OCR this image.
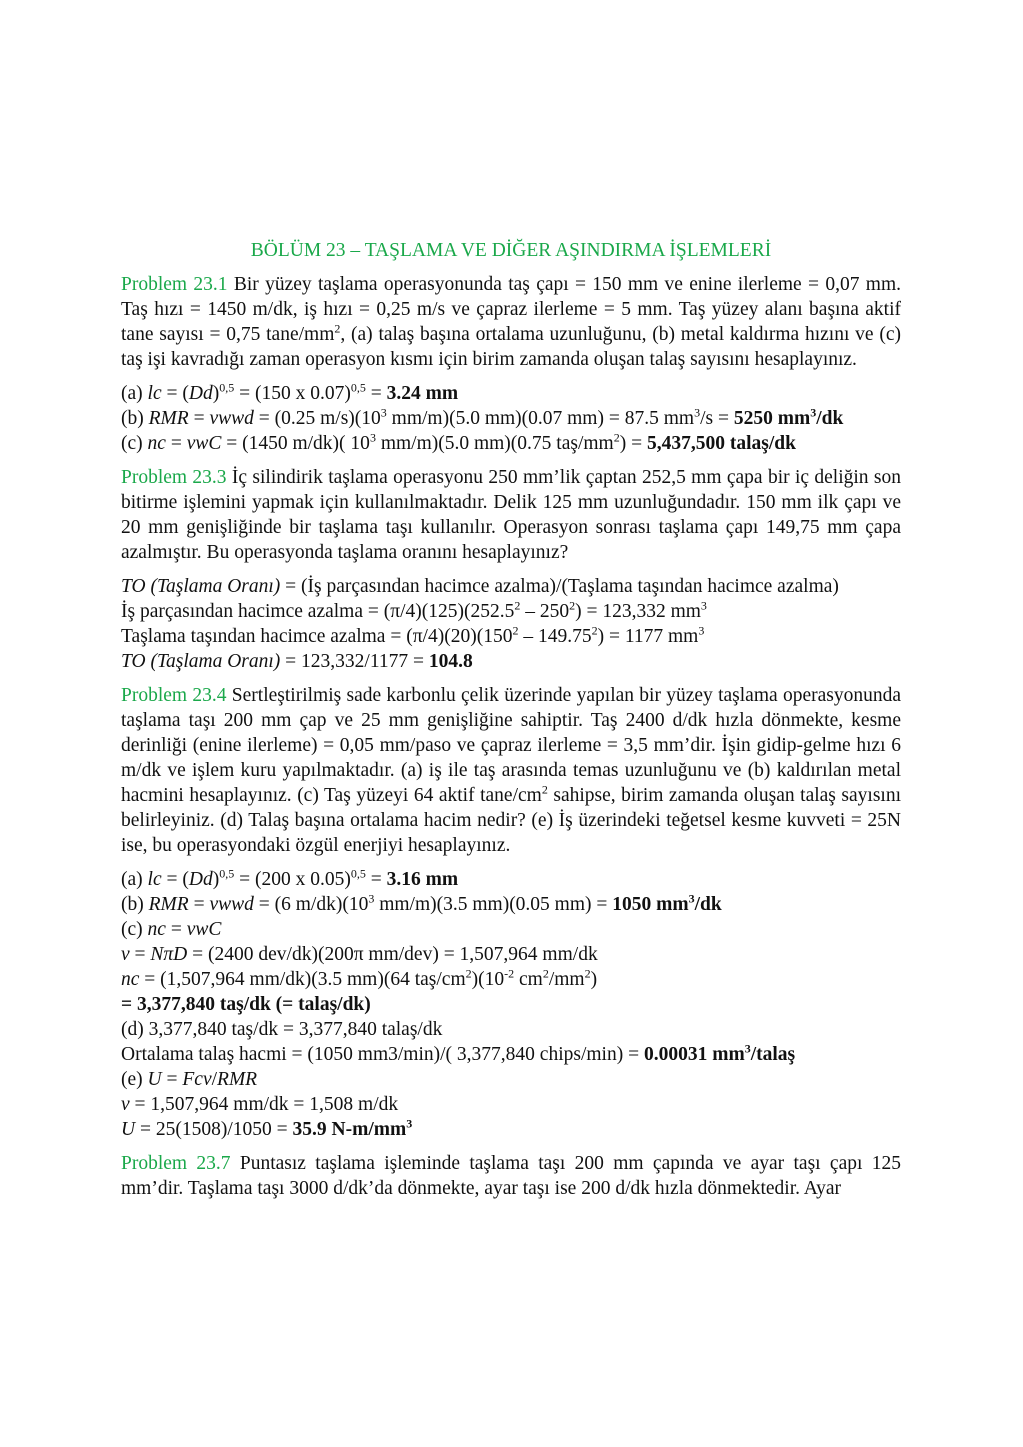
BÖLÜM 23 – TAŞLAMA VE DİĞER AŞINDIRMA İŞLEMLERİ

Problem 23.1 Bir yüzey taşlama operasyonunda taş çapı = 150 mm ve enine ilerleme = 0,07 mm. Taş hızı = 1450 m/dk, iş hızı = 0,25 m/s ve çapraz ilerleme = 5 mm. Taş yüzey alanı başına aktif tane sayısı = 0,75 tane/$mm^2$, (a) talaş başına ortalama uzunluğunu, (b) metal kaldırma hızını ve (c) taş işi kavradığı zaman operasyon kısmı için birim zamanda oluşan talaş sayısını hesaplayınız.

(a) lc = $(Dd)^{0,5} = (150$ x 0.07)$^{0,5}$ = 3.24 mm
(b) RMR = vwwd = (0.25 $m/s)(10^3$ mm/m)(5.0 mm)(0.07 mm) = 87.5 $mm^3/s = 5250$ $mm^3/dk$
(c) nc = vwC = (1450 m/dk)( $10^3$ mm/m)(5.0 mm)(0.75 taş/$mm^2) = 5,437,500$ talaş/dk

Problem 23.3 İç silindirik taşlama operasyonu 250 mm’lik çaptan 252,5 mm çapa bir iç deliğin son bitirme işlemini yapmak için kullanılmaktadır. Delik 125 mm uzunluğundadır. 150 mm ilk çapı ve 20 mm genişliğinde bir taşlama taşı kullanılır. Operasyon sonrası taşlama çapı 149,75 mm çapa azalmıştır. Bu operasyonda taşlama oranını hesaplayınız?

TO (Taşlama Oranı) = (İş parçasından hacimce azalma)/(Taşlama taşından hacimce azalma)
İş parçasından hacimce azalma = $(\pi/4)(125)(252.5^2 - 250^2) = 123,332$ $mm^3$
Taşlama taşından hacimce azalma = $(\pi/4)(20)(150^2 - 149.75^2) = 1177$ $mm^3$
TO (Taşlama Oranı) = 123,332/1177 = 104.8

Problem 23.4 Sertleştirilmiş sade karbonlu çelik üzerinde yapılan bir yüzey taşlama operasyonunda taşlama taşı 200 mm çap ve 25 mm genişliğine sahiptir. Taş 2400 d/dk hızla dönmekte, kesme derinliği (enine ilerleme) = 0,05 mm/paso ve çapraz ilerleme = 3,5 mm’dir. İşin gidip-gelme hızı 6 m/dk ve işlem kuru yapılmaktadır. (a) iş ile taş arasında temas uzunluğunu ve (b) kaldırılan metal hacmini hesaplayınız. (c) Taş yüzeyi 64 aktif tane/$cm^2$ sahipse, birim zamanda oluşan talaş sayısını belirleyiniz. (d) Talaş başına ortalama hacim nedir? (e) İş üzerindeki teğetsel kesme kuvveti = 25N ise, bu operasyondaki özgül enerjiyi hesaplayınız.

(a) lc = $(Dd)^{0,5} = (200$ x 0.05)$^{0,5}$ = 3.16 mm
(b) RMR = vwwd = (6 $m/dk)(10^3$ mm/m)(3.5 mm)(0.05 mm) = 1050 $mm^3/dk$
(c) nc = vwC
v = NπD = (2400 dev/dk)(200π mm/dev) = 1,507,964 mm/dk
nc = (1,507,964 mm/dk)(3.5 mm)(64 taş/$cm^2)(10^{-2}$ $cm^2/mm^2$)
= 3,377,840 taş/dk (= talaş/dk)
(d) 3,377,840 taş/dk = 3,377,840 talaş/dk
Ortalama talaş hacmi = (1050 mm3/min)/( 3,377,840 chips/min) = 0.00031 $mm^3$/talaş
(e) U = Fcv/RMR
v = 1,507,964 mm/dk = 1,508 m/dk
U = 25(1508)/1050 = 35.9 $N-m/mm^3$

Problem 23.7 Puntasız taşlama işleminde taşlama taşı 200 mm çapında ve ayar taşı çapı 125 mm’dir. Taşlama taşı 3000 d/dk’da dönmekte, ayar taşı ise 200 d/dk hızla dönmektedir. Ayar
